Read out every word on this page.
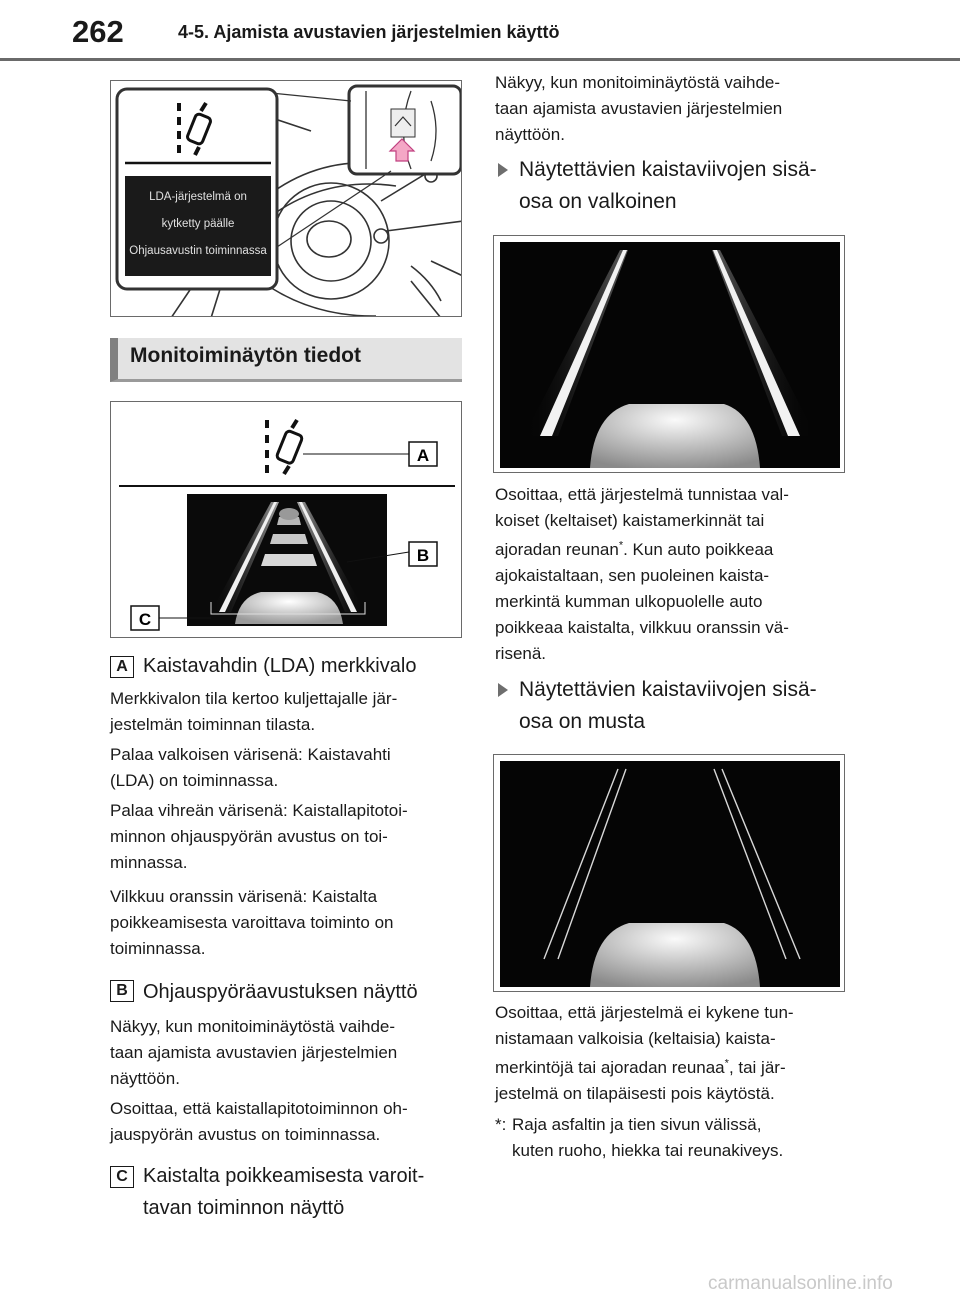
262	4-5. Ajamista avustavien järjestelmien käyttö
LDA-järjestelmä on
kytketty päälle
Ohjausavustin toiminnassa
Monitoiminäytön tiedot
A
B
C
A Kaistavahdin (LDA) merkkivalo
Merkkivalon tila kertoo kuljettajalle jär-
jestelmän toiminnan tilasta.
Palaa valkoisen värisenä: Kaistavahti
(LDA) on toiminnassa.
Palaa vihreän värisenä: Kaistallapitotoi-
minnon ohjauspyörän avustus on toi-
minnassa.
Vilkkuu oranssin värisenä: Kaistalta
poikkeamisesta varoittava toiminto on
toiminnassa.
B Ohjauspyöräavustuksen näyttö
Näkyy, kun monitoiminäytöstä vaihde-
taan ajamista avustavien järjestelmien
näyttöön.
Osoittaa, että kaistallapitotoiminnon oh-
jauspyörän avustus on toiminnassa.
C Kaistalta poikkeamisesta varoit-
tavan toiminnon näyttö
Näkyy, kun monitoiminäytöstä vaihde-
taan ajamista avustavien järjestelmien
näyttöön.
Näytettävien kaistaviivojen sisä-
osa on valkoinen
Osoittaa, että järjestelmä tunnistaa val-
koiset (keltaiset) kaistamerkinnät tai
ajoradan reunan*. Kun auto poikkeaa
ajokaistaltaan, sen puoleinen kaista-
merkintä kumman ulkopuolelle auto
poikkeaa kaistalta, vilkkuu oranssin vä-
risenä.
Näytettävien kaistaviivojen sisä-
osa on musta
Osoittaa, että järjestelmä ei kykene tun-
nistamaan valkoisia (keltaisia) kaista-
merkintöjä tai ajoradan reunaa*, tai jär-
jestelmä on tilapäisesti pois käytöstä.
*: Raja asfaltin ja tien sivun välissä,
kuten ruoho, hiekka tai reunakiveys.
carmanualsonline.info
